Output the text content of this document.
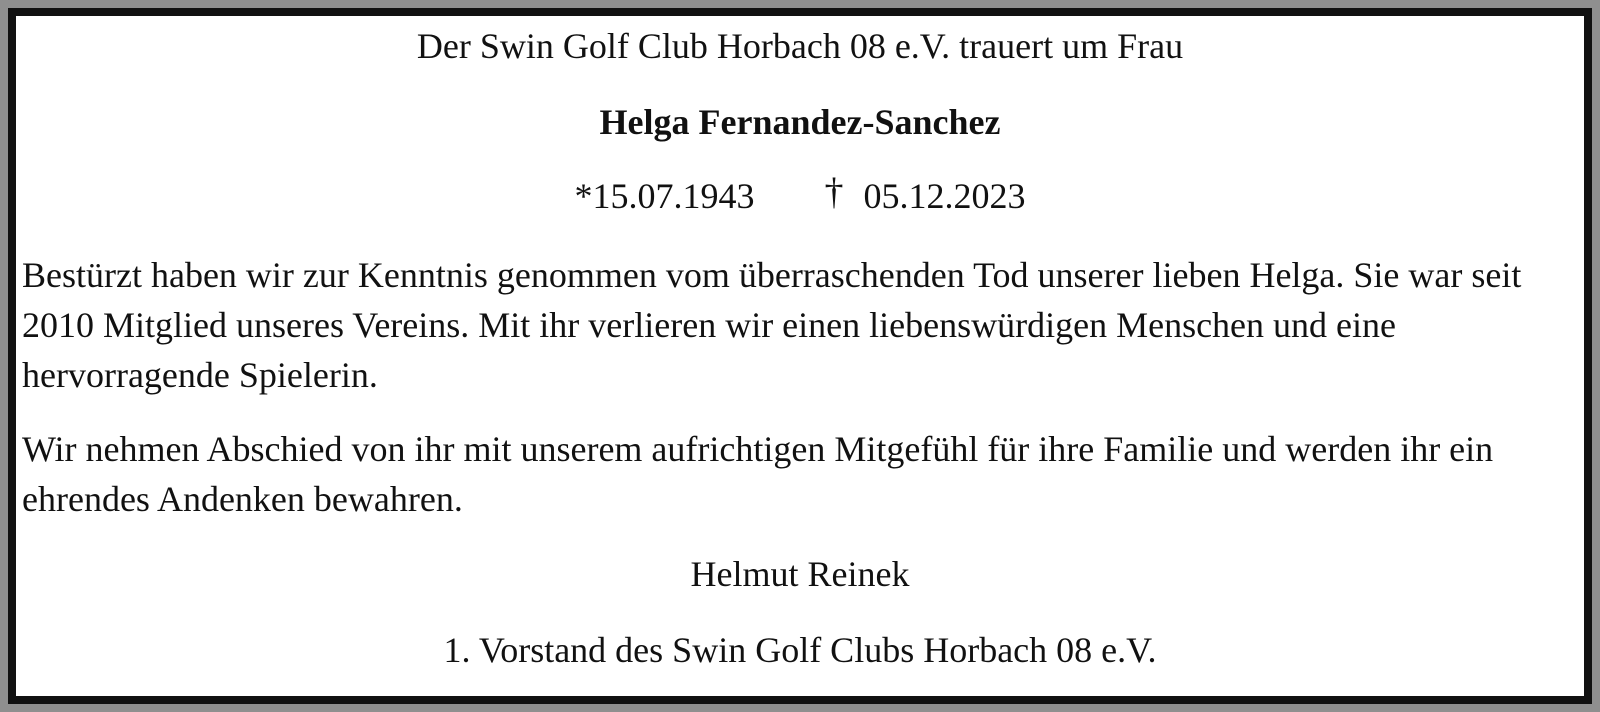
Der Swin Golf Club Horbach 08 e.V. trauert um Frau

Helga Fernandez-Sanchez

*15.07.1943 † 05.12.2023

Bestürzt haben wir zur Kenntnis genommen vom überraschenden Tod unserer lieben Helga. Sie war seit 2010 Mitglied unseres Vereins. Mit ihr verlieren wir einen liebenswürdigen Menschen und eine hervorragende Spielerin.

Wir nehmen Abschied von ihr mit unserem aufrichtigen Mitgefühl für ihre Familie und werden ihr ein ehrendes Andenken bewahren.

Helmut Reinek

1. Vorstand des Swin Golf Clubs Horbach 08 e.V.
